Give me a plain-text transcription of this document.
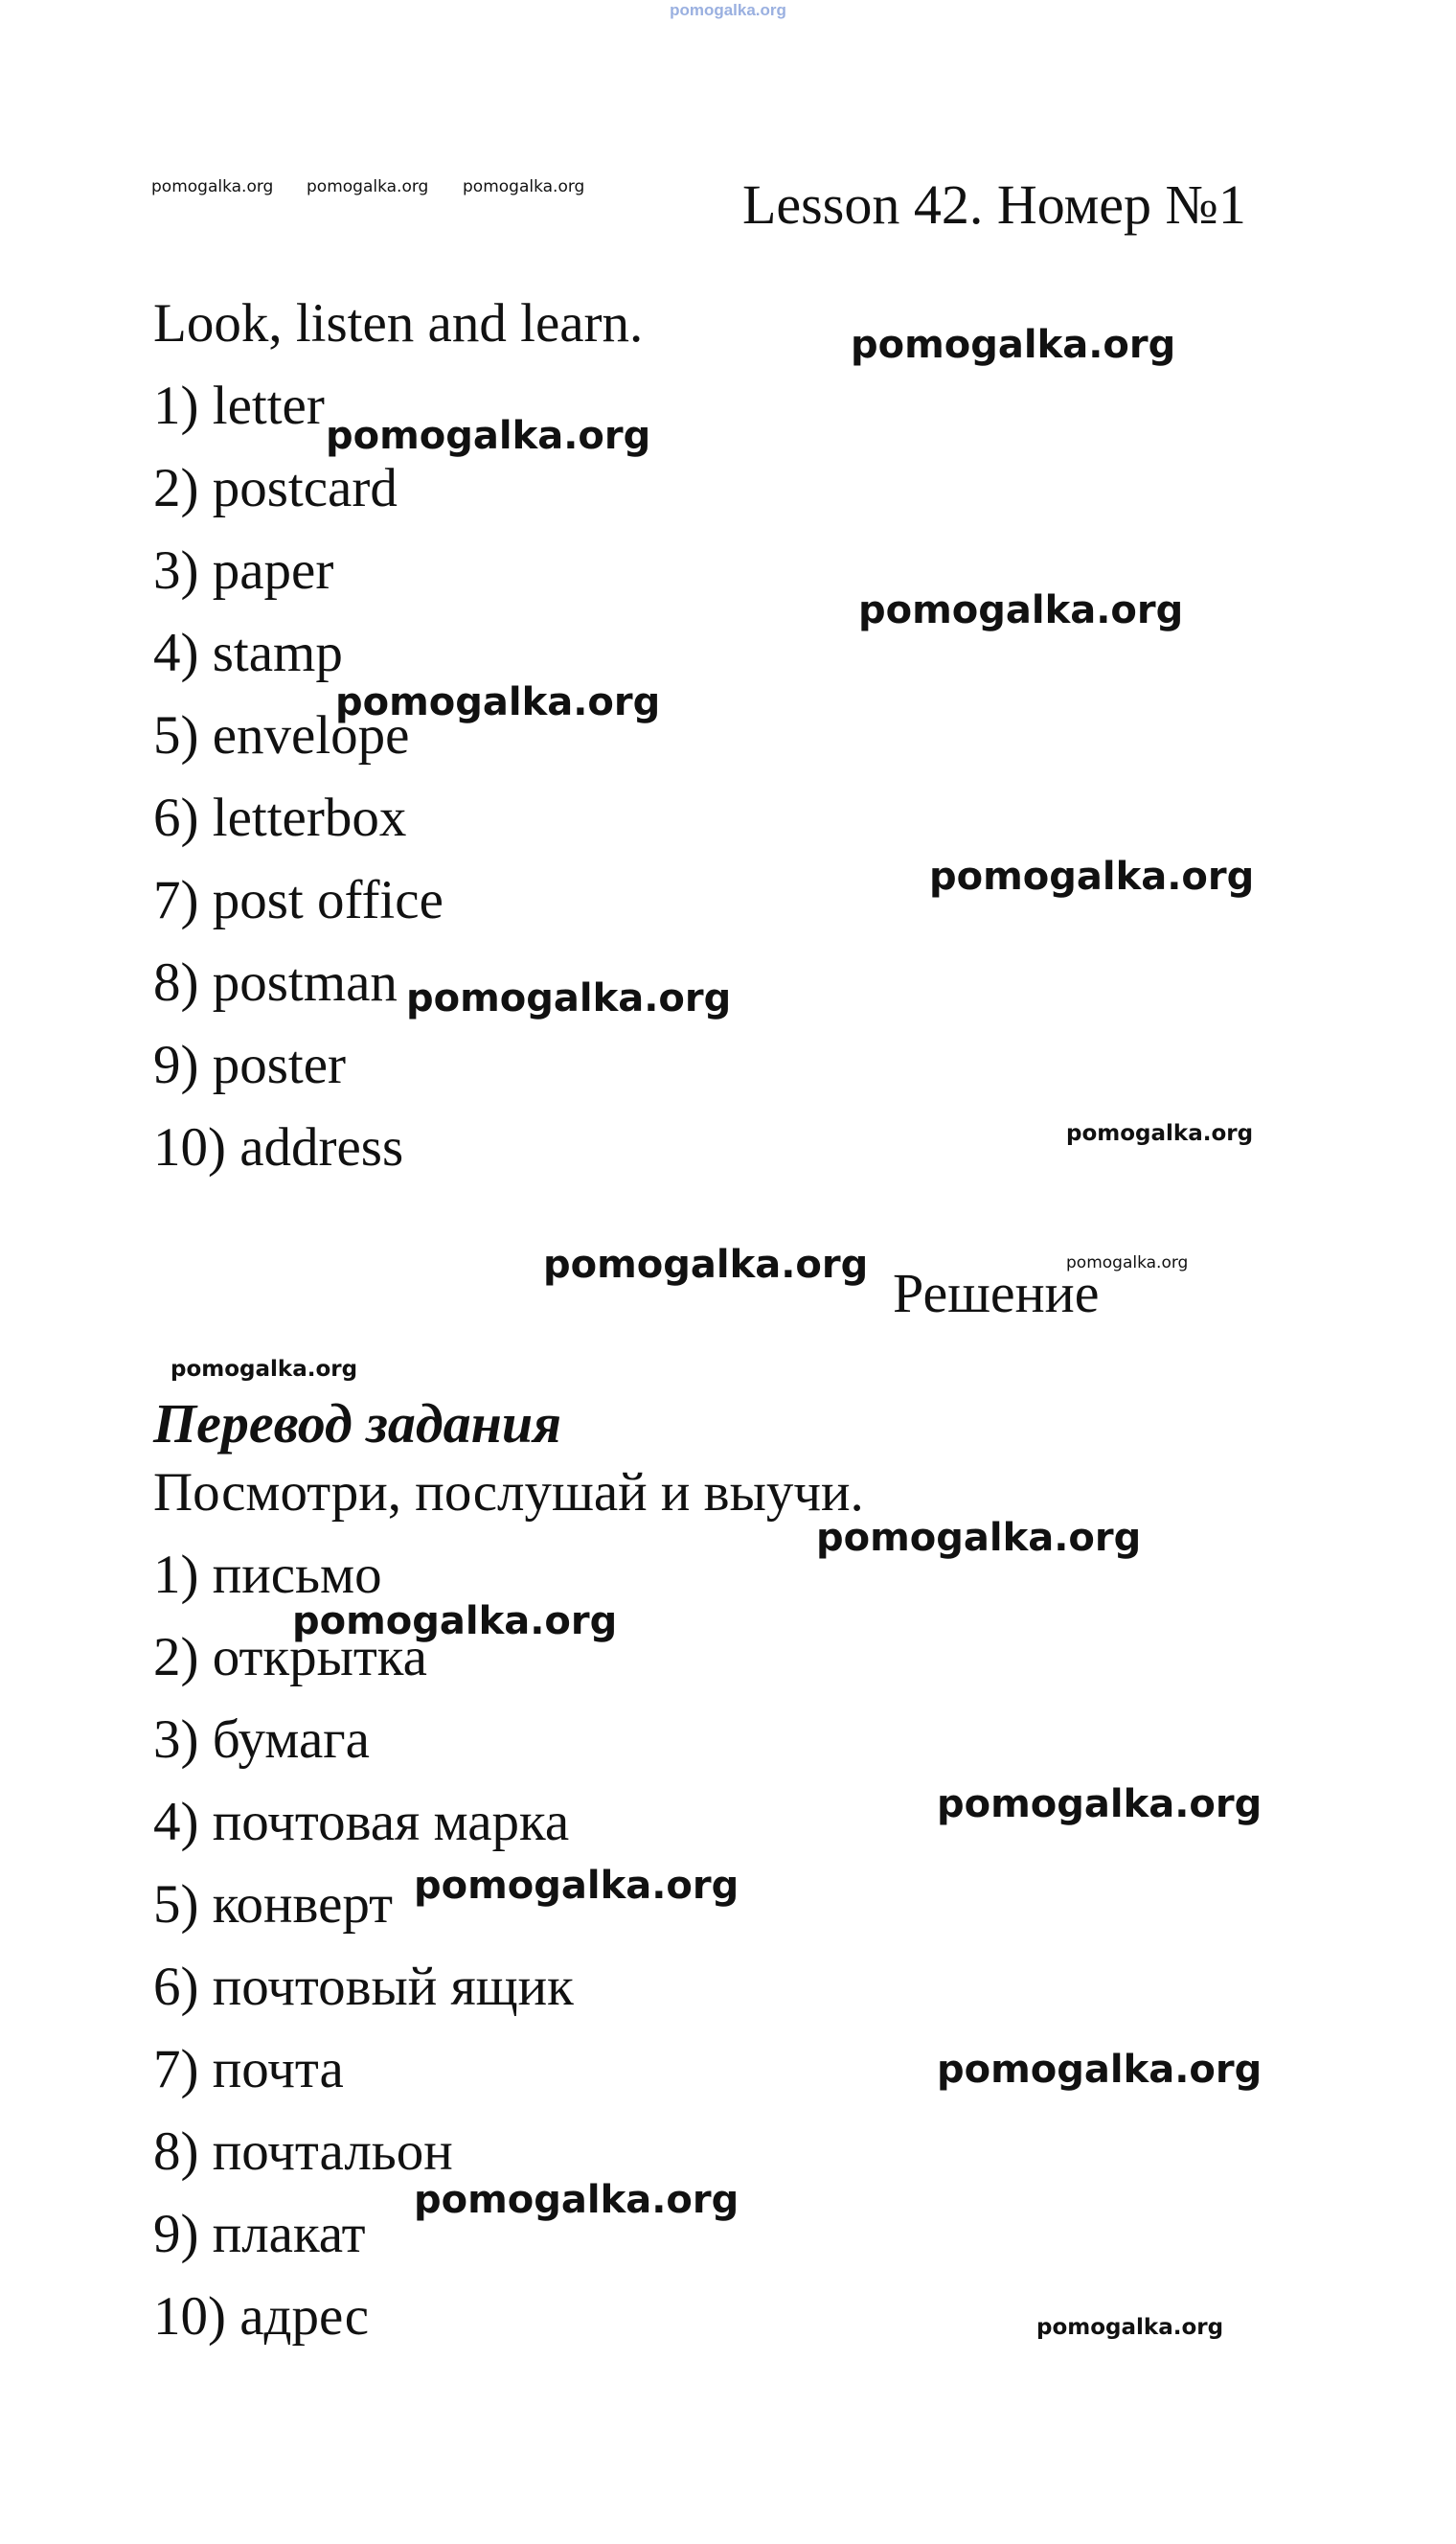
pomogalka.org
Lesson 42. Номер №1
Look, listen and learn.
1) letter
2) postcard
3) paper
4) stamp
5) envelope
6) letterbox
7) post office
8) postman
9) poster
10) address
Решение
Перевод задания
Посмотри, послушай и выучи.
1) письмо
2) открытка
3) бумага
4) почтовая марка
5) конверт
6) почтовый ящик
7) почта
8) почтальон
9) плакат
10) адрес
pomogalka.org pomogalka.org pomogalka.org
pomogalka.org
pomogalka.org
pomogalka.org
pomogalka.org
pomogalka.org
pomogalka.org
pomogalka.org
pomogalka.org	pomogalka.org
pomogalka.org
pomogalka.org
pomogalka.org
pomogalka.org
pomogalka.org
pomogalka.org
pomogalka.org
pomogalka.org
